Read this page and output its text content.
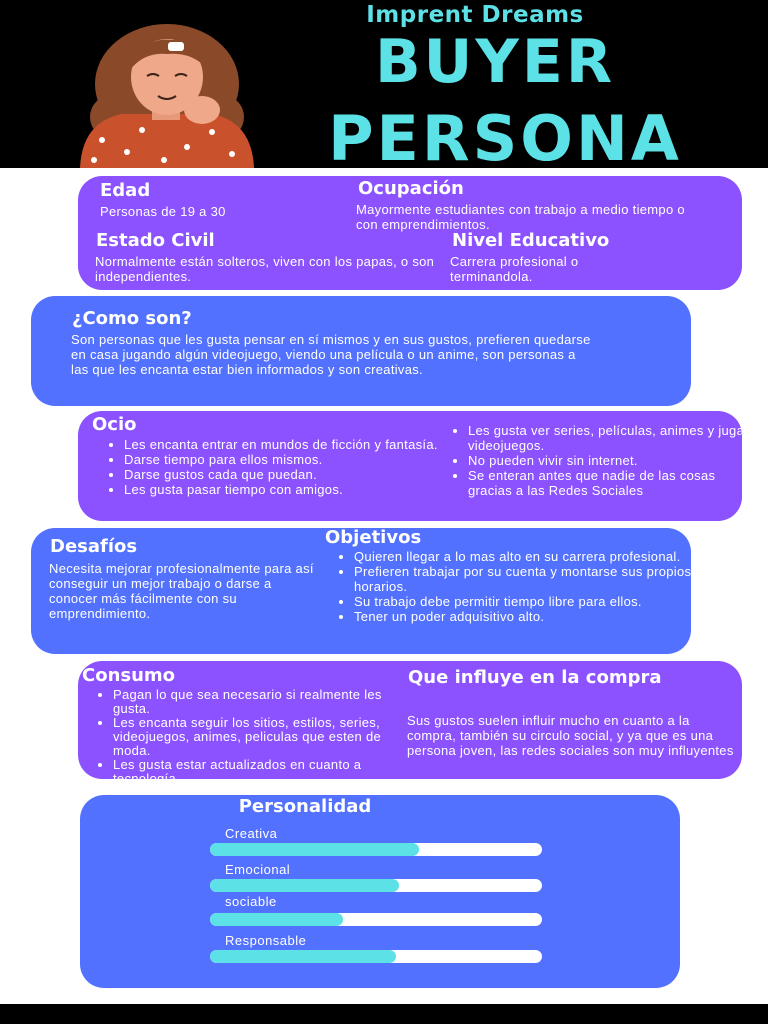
Imprent Dreams
BUYER
PERSONA
Edad
Personas de 19 a 30
Ocupación
Mayormente estudiantes con trabajo a medio tiempo o con emprendimientos.
Estado Civil
Normalmente están solteros, viven con los papas, o son independientes.
Nivel Educativo
Carrera profesional o terminandola.
¿Como son?
Son personas que les gusta pensar en sí mismos y en sus gustos, prefieren quedarse en casa jugando algún videojuego, viendo una película o un anime, son personas a las que les encanta estar bien informados y son creativas.
Ocio
• Les encanta entrar en mundos de ficción y fantasía.
• Darse tiempo para ellos mismos.
• Darse gustos cada que puedan.
• Les gusta pasar tiempo con amigos.
• Les gusta ver series, películas, animes y jugar videojuegos.
• No pueden vivir sin internet.
• Se enteran antes que nadie de las cosas gracias a las Redes Sociales
Desafíos
Necesita mejorar profesionalmente para así conseguir un mejor trabajo o darse a conocer más fácilmente con su emprendimiento.
Objetivos
• Quieren llegar a lo mas alto en su carrera profesional.
• Prefieren trabajar por su cuenta y montarse sus propios horarios.
• Su trabajo debe permitir tiempo libre para ellos.
• Tener un poder adquisitivo alto.
Consumo
• Pagan lo que sea necesario si realmente les gusta.
• Les encanta seguir los sitios, estilos, series, videojuegos, animes, peliculas que esten de moda.
• Les gusta estar actualizados en cuanto a tecnología
Que influye en la compra
Sus gustos suelen influir mucho en cuanto a la compra, también su circulo social, y ya que es una persona joven, las redes sociales son muy influyentes
Personalidad
Creativa
Emocional
sociable
Responsable
